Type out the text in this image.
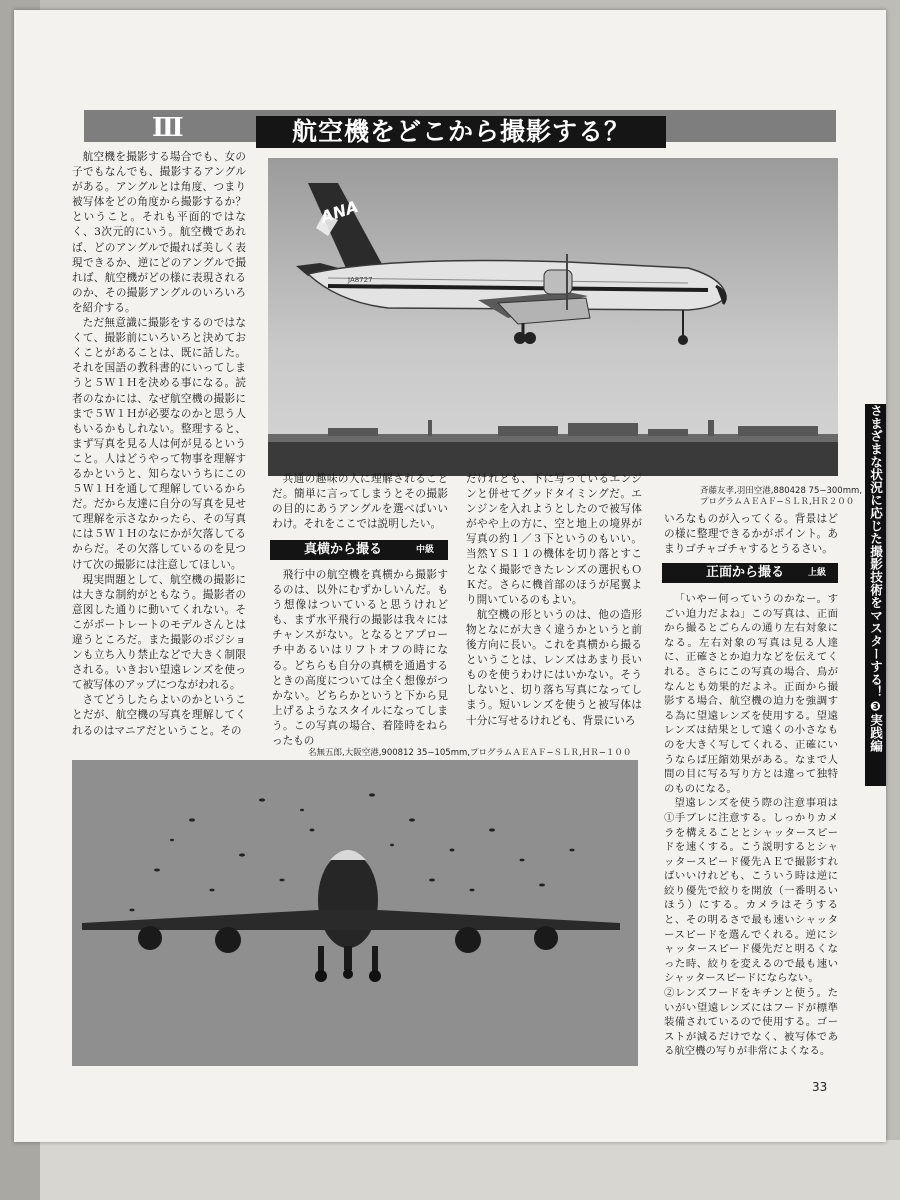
Ⅲ	航空機をどこから撮影する？

航空機を撮影する場合でも、女の子でもなんでも、撮影するアングルがある。アングルとは角度、つまり被写体をどの角度から撮影するか？ということ。それも平面的ではなく、3次元的にいう。航空機であれば、どのアングルで撮れば美しく表現できるか、逆にどのアングルで撮れば、航空機がどの様に表現されるのか、その撮影アングルのいろいろを紹介する。

ただ無意識に撮影をするのではなくて、撮影前にいろいろと決めておくことがあることは、既に話した。それを国語の教科書的にいってしまうと５Ｗ１Ｈを決める事になる。読者のなかには、なぜ航空機の撮影にまで５Ｗ１Ｈが必要なのかと思う人もいるかもしれない。整理すると、まず写真を見る人は何が見るということ。人はどうやって物事を理解するかというと、知らないうちにこの５Ｗ１Ｈを通して理解しているからだ。だから友達に自分の写真を見せて理解を示さなかったら、その写真には５Ｗ１Ｈのなにかが欠落してるからだ。その欠落しているのを見つけて次の撮影には注意してほしい。

現実問題として、航空機の撮影には大きな制約がともなう。撮影者の意図した通りに動いてくれない。そこがポートレートのモデルさんとは違うところだ。また撮影のポジションも立ち入り禁止などで大きく制限される。いきおい望遠レンズを使って被写体のアップにつながわれる。

さてどうしたらよいのかということだが、航空機の写真を理解してくれるのはマニアだということ。その

ANA
JA8727
斉藤友孝,羽田空港,880428 75−300mm,
プログラムＡＥＡＦ−ＳＬＲ,ＨＲ２００

共通の趣味の人に理解されることだ。簡単に言ってしまうとその撮影の目的にあうアングルを選べばいいわけ。それをここでは説明したい。

真横から撮る	中級

飛行中の航空機を真横から撮影するのは、以外にむずかしいんだ。もう想像はついていると思うけれども、まず水平飛行の撮影は我々にはチャンスがない。となるとアプローチ中あるいはリフトオフの時になる。どちらも自分の真横を通過するときの高度については全く想像がつかない。どちらかというと下から見上げるようなスタイルになってしまう。この写真の場合、着陸時をねらったもの

だけれども、下に写っているエンジンと併せてグッドタイミングだ。エンジンを入れようとしたので被写体がやや上の方に、空と地上の境界が写真の約１／３下というのもいい。当然ＹＳ１１の機体を切り落とすことなく撮影できたレンズの選択もＯＫだ。さらに機首部のほうが尾翼より開いているのもよい。

航空機の形というのは、他の造形物となにが大きく違うかというと前後方向に長い。これを真横から撮るということは、レンズはあまり長いものを使うわけにはいかない。そうしないと、切り落ち写真になってしまう。短いレンズを使うと被写体は十分に写せるけれども、背景にいろ

いろなものが入ってくる。背景はどの様に整理できるかがポイント。あまりゴチャゴチャするとうるさい。

正面から撮る	上級

「いやー何っていうのかなー。すごい迫力だよね」この写真は、正面から撮るとごらんの通り左右対象になる。左右対象の写真は見る人達に、正確さとか迫力などを伝えてくれる。さらにこの写真の場合、鳥がなんとも効果的だよネ。正面から撮影する場合、航空機の迫力を強調する為に望遠レンズを使用する。望遠レンズは結果として遠くの小さなものを大きく写してくれる、正確にいうならば圧縮効果がある。なまで人間の目に写る写り方とは違って独特のものになる。

望遠レンズを使う際の注意事項は①手ブレに注意する。しっかりカメラを構えることとシャッタースピードを速くする。こう説明するとシャッタースピード優先ＡＥで撮影すればいいけれども、こういう時は逆に絞り優先で絞りを開放（一番明るいほう）にする。カメラはそうすると、その明るさで最も速いシャッタースピードを選んでくれる。逆にシャッタースピード優先だと明るくなった時、絞りを変えるので最も速いシャッタースピードにならない。

②レンズフードをキチンと使う。たいがい望遠レンズにはフードが標準装備されているので使用する。ゴーストが減るだけでなく、被写体である航空機の写りが非常によくなる。

名無五郎,大阪空港,900812 35−105mm,プログラムＡＥＡＦ−ＳＬＲ,ＨＲ−１００
さまざまな状況に応じた撮影技術をマスターする！❸実践編
33
